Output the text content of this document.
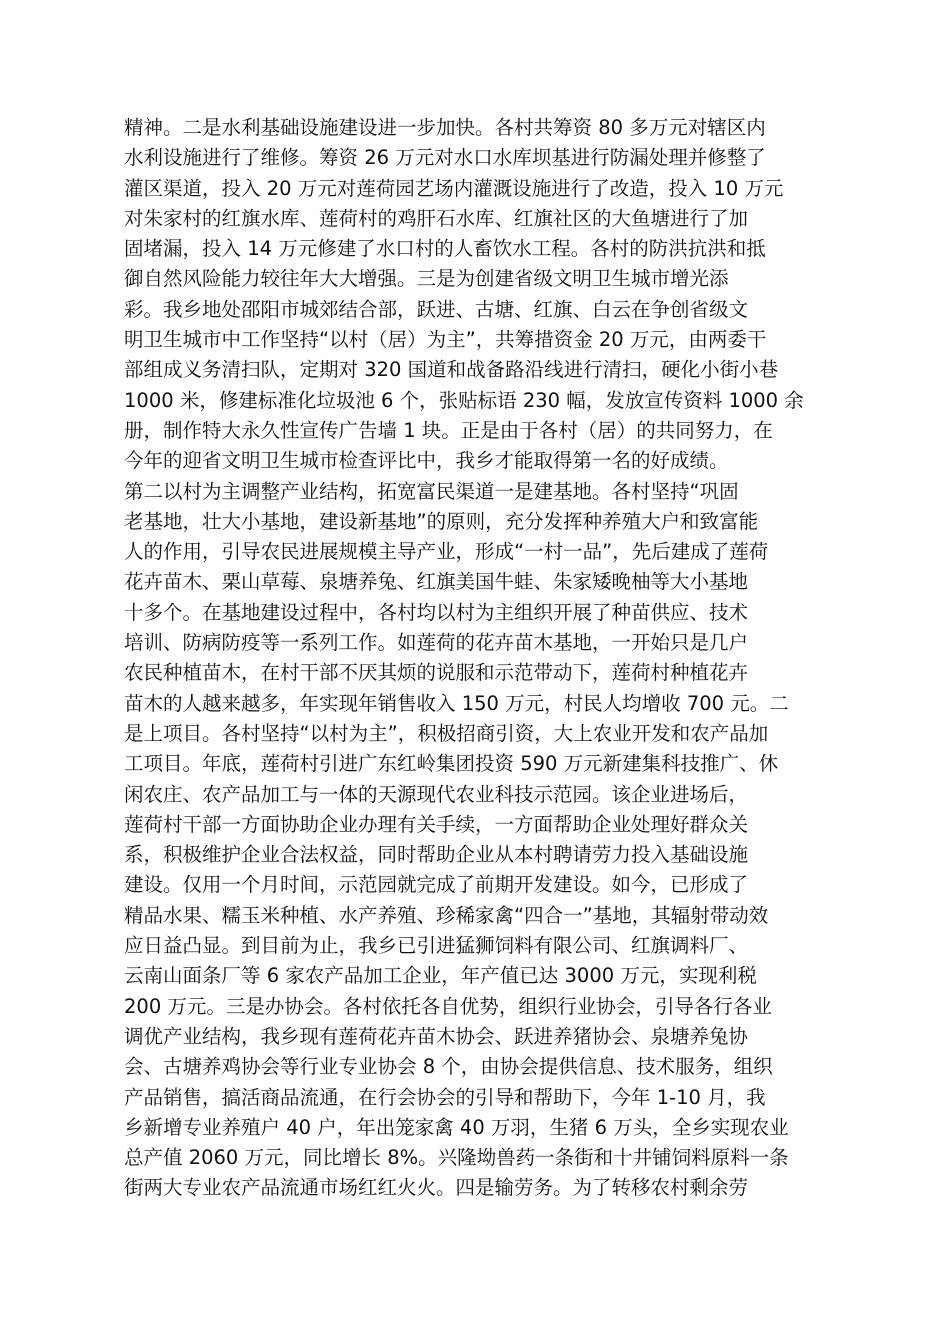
精神。二是水利基础设施建设进一步加快。各村共筹资 80 多万元对辖区内
水利设施进行了维修。筹资 26 万元对水口水库坝基进行防漏处理并修整了
灌区渠道，投入 20 万元对莲荷园艺场内灌溉设施进行了改造，投入 10 万元
对朱家村的红旗水库、莲荷村的鸡肝石水库、红旗社区的大鱼塘进行了加
固堵漏，投入 14 万元修建了水口村的人畜饮水工程。各村的防洪抗洪和抵
御自然风险能力较往年大大增强。三是为创建省级文明卫生城市增光添
彩。我乡地处邵阳市城郊结合部，跃进、古塘、红旗、白云在争创省级文
明卫生城市中工作坚持“以村（居）为主”，共筹措资金 20 万元，由两委干
部组成义务清扫队，定期对 320 国道和战备路沿线进行清扫，硬化小街小巷
1000 米，修建标准化垃圾池 6 个，张贴标语 230 幅，发放宣传资料 1000 余
册，制作特大永久性宣传广告墙 1 块。正是由于各村（居）的共同努力，在
今年的迎省文明卫生城市检查评比中，我乡才能取得第一名的好成绩。
第二以村为主调整产业结构，拓宽富民渠道一是建基地。各村坚持“巩固
老基地，壮大小基地，建设新基地”的原则，充分发挥种养殖大户和致富能
人的作用，引导农民进展规模主导产业，形成“一村一品”，先后建成了莲荷
花卉苗木、栗山草莓、泉塘养兔、红旗美国牛蛙、朱家矮晚柚等大小基地
十多个。在基地建设过程中，各村均以村为主组织开展了种苗供应、技术
培训、防病防疫等一系列工作。如莲荷的花卉苗木基地，一开始只是几户
农民种植苗木，在村干部不厌其烦的说服和示范带动下，莲荷村种植花卉
苗木的人越来越多，年实现年销售收入 150 万元，村民人均增收 700 元。二
是上项目。各村坚持“以村为主”，积极招商引资，大上农业开发和农产品加
工项目。年底，莲荷村引进广东红岭集团投资 590 万元新建集科技推广、休
闲农庄、农产品加工与一体的天源现代农业科技示范园。该企业进场后，
莲荷村干部一方面协助企业办理有关手续，一方面帮助企业处理好群众关
系，积极维护企业合法权益，同时帮助企业从本村聘请劳力投入基础设施
建设。仅用一个月时间，示范园就完成了前期开发建设。如今，已形成了
精品水果、糯玉米种植、水产养殖、珍稀家禽“四合一”基地，其辐射带动效
应日益凸显。到目前为止，我乡已引进猛狮饲料有限公司、红旗调料厂、
云南山面条厂等 6 家农产品加工企业，年产值已达 3000 万元，实现利税
200 万元。三是办协会。各村依托各自优势，组织行业协会，引导各行各业
调优产业结构，我乡现有莲荷花卉苗木协会、跃进养猪协会、泉塘养兔协
会、古塘养鸡协会等行业专业协会 8 个，由协会提供信息、技术服务，组织
产品销售，搞活商品流通，在行会协会的引导和帮助下，今年 1-10 月，我
乡新增专业养殖户 40 户，年出笼家禽 40 万羽，生猪 6 万头，全乡实现农业
总产值 2060 万元，同比增长 8%。兴隆坳兽药一条街和十井铺饲料原料一条
街两大专业农产品流通市场红红火火。四是输劳务。为了转移农村剩余劳
